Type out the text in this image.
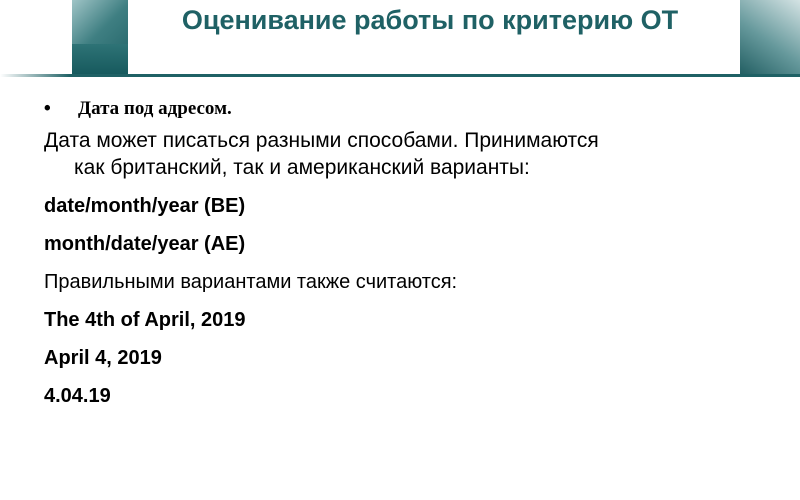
Оценивание работы по критерию ОТ
• Дата под адресом.
Дата может писаться разными способами. Принимаются
как британский, так и американский варианты:
date/month/year (BE)
month/date/year (AE)
Правильными вариантами также считаются:
The 4th of April, 2019
April 4, 2019
4.04.19
